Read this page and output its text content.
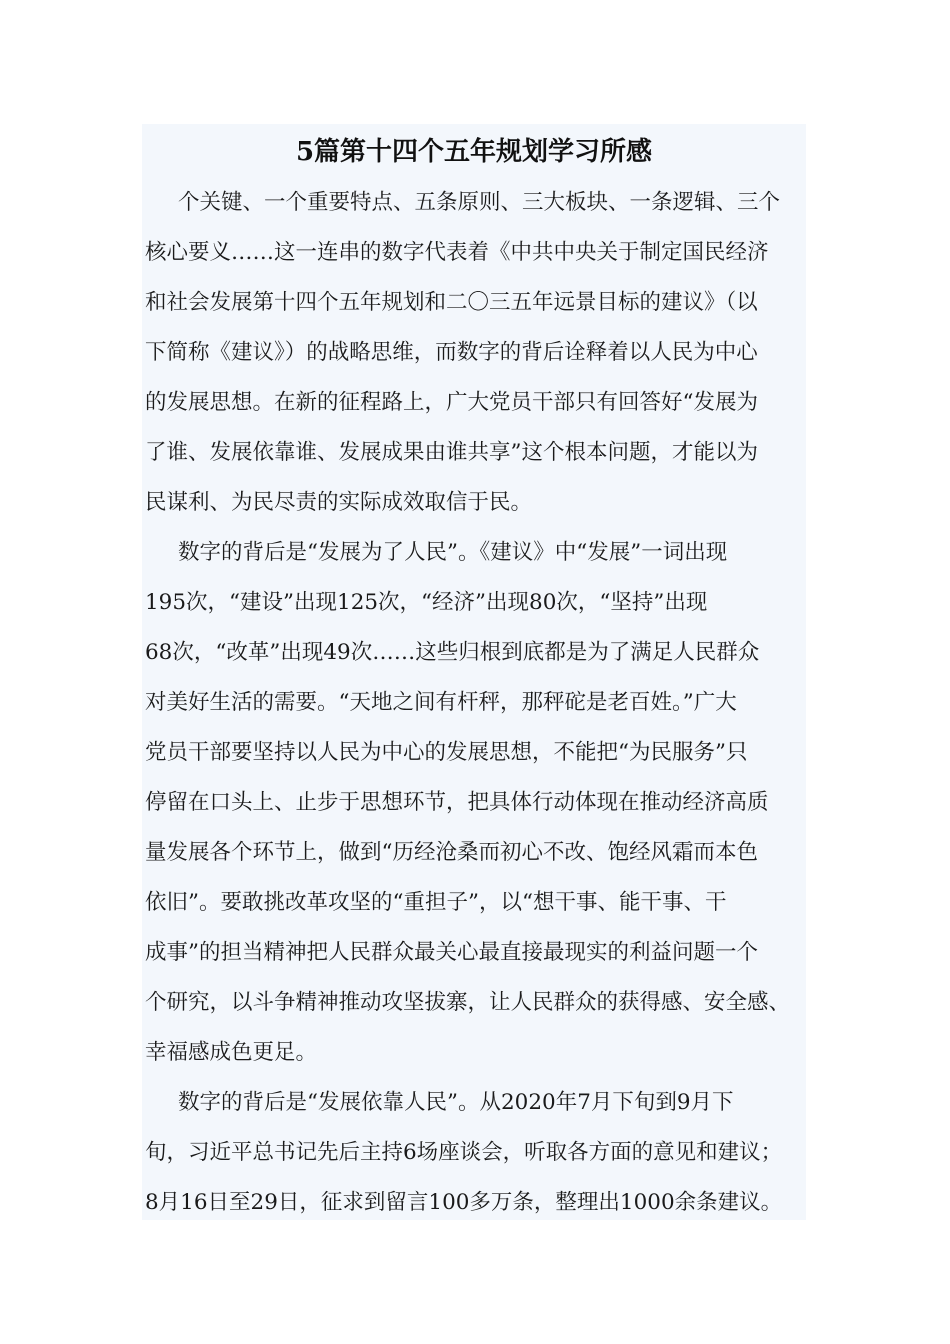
5篇第十四个五年规划学习所感
个关键、一个重要特点、五条原则、三大板块、一条逻辑、三个
核心要义……这一连串的数字代表着《中共中央关于制定国民经济
和社会发展第十四个五年规划和二〇三五年远景目标的建议》（以
下简称《建议》）的战略思维，而数字的背后诠释着以人民为中心
的发展思想。在新的征程路上，广大党员干部只有回答好“发展为
了谁、发展依靠谁、发展成果由谁共享”这个根本问题，才能以为
民谋利、为民尽责的实际成效取信于民。
数字的背后是“发展为了人民”。《建议》中“发展”一词出现
195次，“建设”出现125次，“经济”出现80次，“坚持”出现
68次，“改革”出现49次……这些归根到底都是为了满足人民群众
对美好生活的需要。“天地之间有杆秤，那秤砣是老百姓。”广大
党员干部要坚持以人民为中心的发展思想，不能把“为民服务”只
停留在口头上、止步于思想环节，把具体行动体现在推动经济高质
量发展各个环节上，做到“历经沧桑而初心不改、饱经风霜而本色
依旧”。要敢挑改革攻坚的“重担子”，以“想干事、能干事、干
成事”的担当精神把人民群众最关心最直接最现实的利益问题一个
个研究，以斗争精神推动攻坚拔寨，让人民群众的获得感、安全感、
幸福感成色更足。
数字的背后是“发展依靠人民”。从2020年7月下旬到9月下
旬，习近平总书记先后主持6场座谈会，听取各方面的意见和建议；
8月16日至29日，征求到留言100多万条，整理出1000余条建议。
